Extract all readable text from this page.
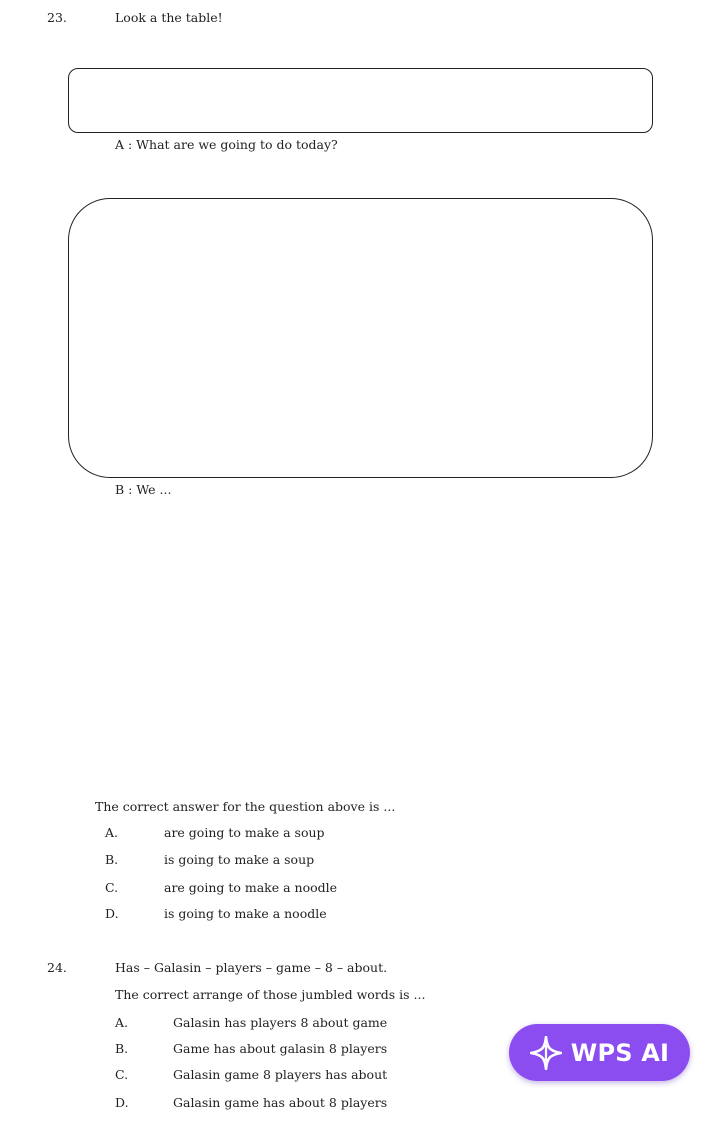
23.	Look a the table!
A : What are we going to do today?
B : We ...
The correct answer for the question above is ...
A.	are going to make a soup
B.	is going to make a soup
C.	are going to make a noodle
D.	is going to make a noodle
24.	Has – Galasin – players – game – 8 – about.
The correct arrange of those jumbled words is ...
A.	Galasin has players 8 about game
B.	Game has about galasin 8 players
C.	Galasin game 8 players has about
D.	Galasin game has about 8 players
WPS AI
